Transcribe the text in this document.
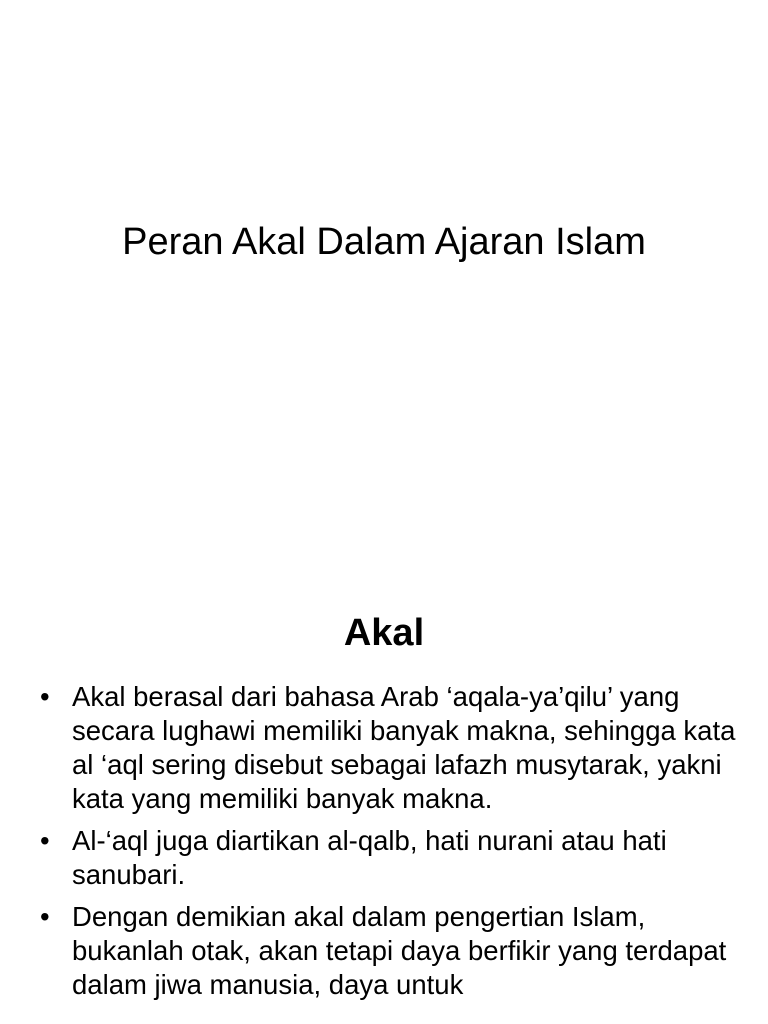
Peran Akal Dalam Ajaran Islam
Akal
• Akal berasal dari bahasa Arab ‘aqala-ya’qilu’ yang secara lughawi memiliki banyak makna, sehingga kata al ‘aql sering disebut sebagai lafazh musytarak, yakni kata yang memiliki banyak makna.
• Al-‘aql juga diartikan al-qalb, hati nurani atau hati sanubari.
• Dengan demikian akal dalam pengertian Islam, bukanlah otak, akan tetapi daya berfikir yang terdapat dalam jiwa manusia, daya untuk
